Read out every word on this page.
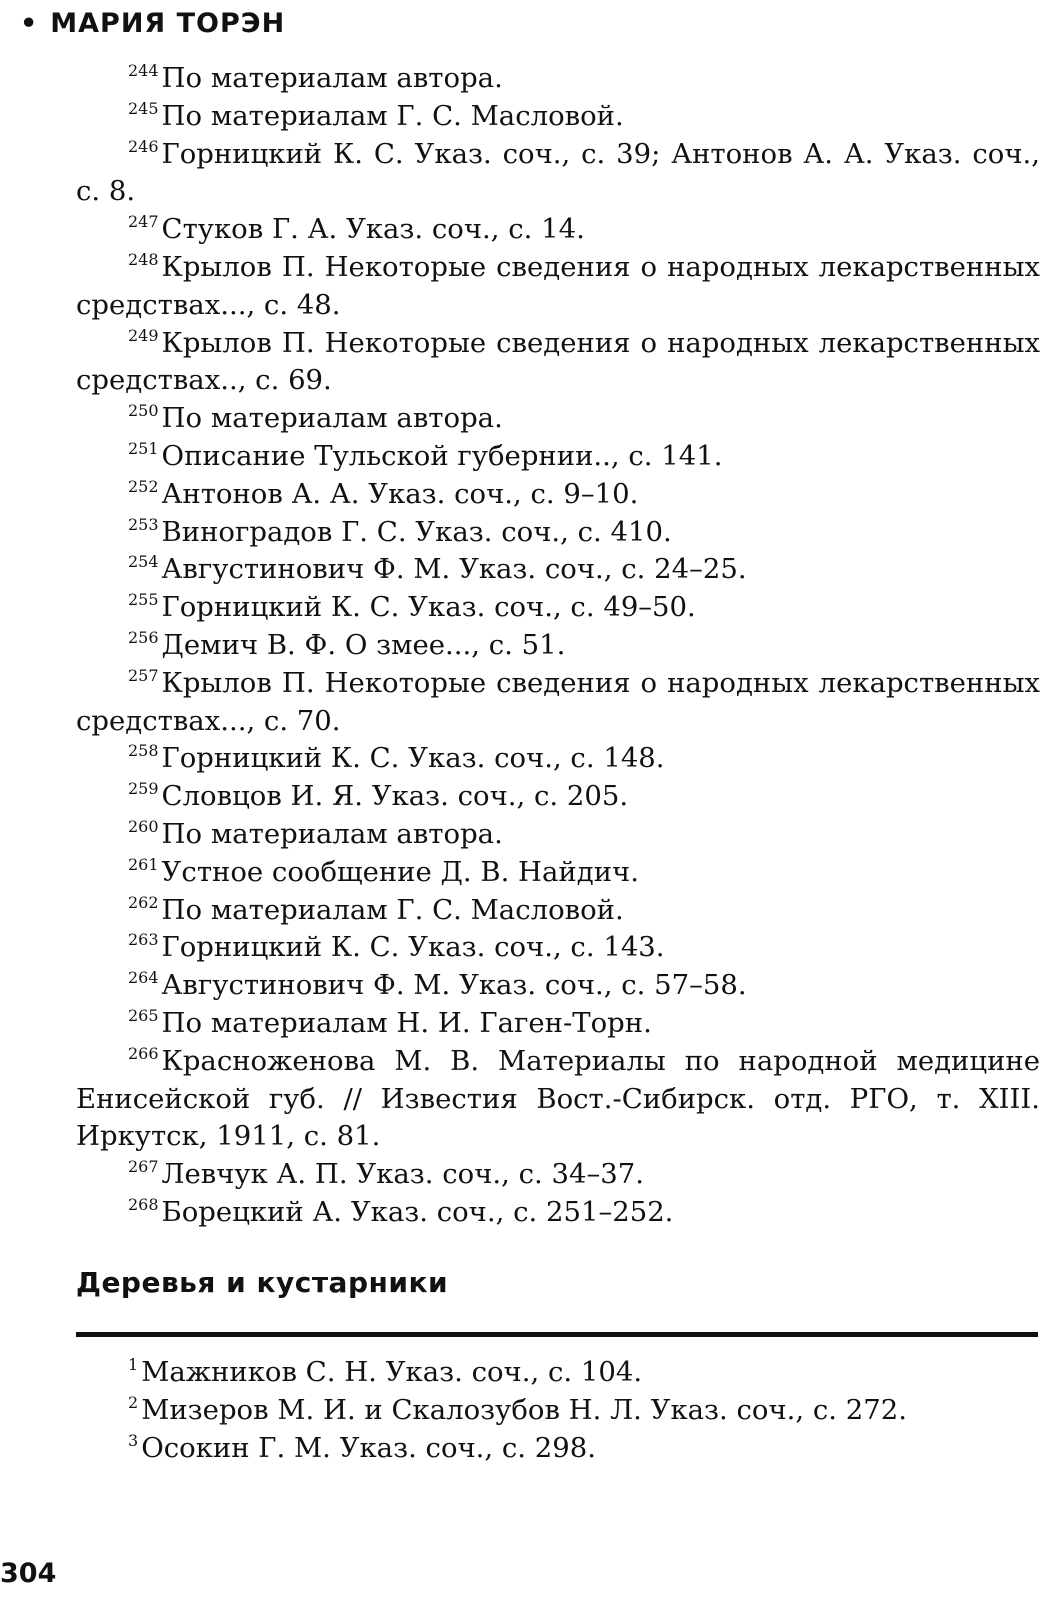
• МАРИЯ ТОРЭН
$^{244}$ По материалам автора.
$^{245}$ По материалам Г. С. Масловой.
$^{246}$ Горницкий К. С. Указ. соч., с. 39; Антонов А. А. Указ. соч., с. 8.
$^{247}$ Стуков Г. А. Указ. соч., с. 14.
$^{248}$ Крылов П. Некоторые сведения о народных лекарственных средствах..., с. 48.
$^{249}$ Крылов П. Некоторые сведения о народных лекарственных средствах.., с. 69.
$^{250}$ По материалам автора.
$^{251}$ Описание Тульской губернии.., с. 141.
$^{252}$ Антонов А. А. Указ. соч., с. 9–10.
$^{253}$ Виноградов Г. С. Указ. соч., с. 410.
$^{254}$ Августинович Ф. М. Указ. соч., с. 24–25.
$^{255}$ Горницкий К. С. Указ. соч., с. 49–50.
$^{256}$ Демич В. Ф. О змее..., с. 51.
$^{257}$ Крылов П. Некоторые сведения о народных лекарственных средствах..., с. 70.
$^{258}$ Горницкий К. С. Указ. соч., с. 148.
$^{259}$ Словцов И. Я. Указ. соч., с. 205.
$^{260}$ По материалам автора.
$^{261}$ Устное сообщение Д. В. Найдич.
$^{262}$ По материалам Г. С. Масловой.
$^{263}$ Горницкий К. С. Указ. соч., с. 143.
$^{264}$ Августинович Ф. М. Указ. соч., с. 57–58.
$^{265}$ По материалам Н. И. Гаген-Торн.
$^{266}$ Красноженова М. В. Материалы по народной медицине Енисейской губ. // Известия Вост.-Сибирск. отд. РГО, т. XIII. Иркутск, 1911, с. 81.
$^{267}$ Левчук А. П. Указ. соч., с. 34–37.
$^{268}$ Борецкий А. Указ. соч., с. 251–252.
Деревья и кустарники
$^1$ Мажников С. Н. Указ. соч., с. 104.
$^2$ Мизеров М. И. и Скалозубов Н. Л. Указ. соч., с. 272.
$^3$ Осокин Г. М. Указ. соч., с. 298.
304
